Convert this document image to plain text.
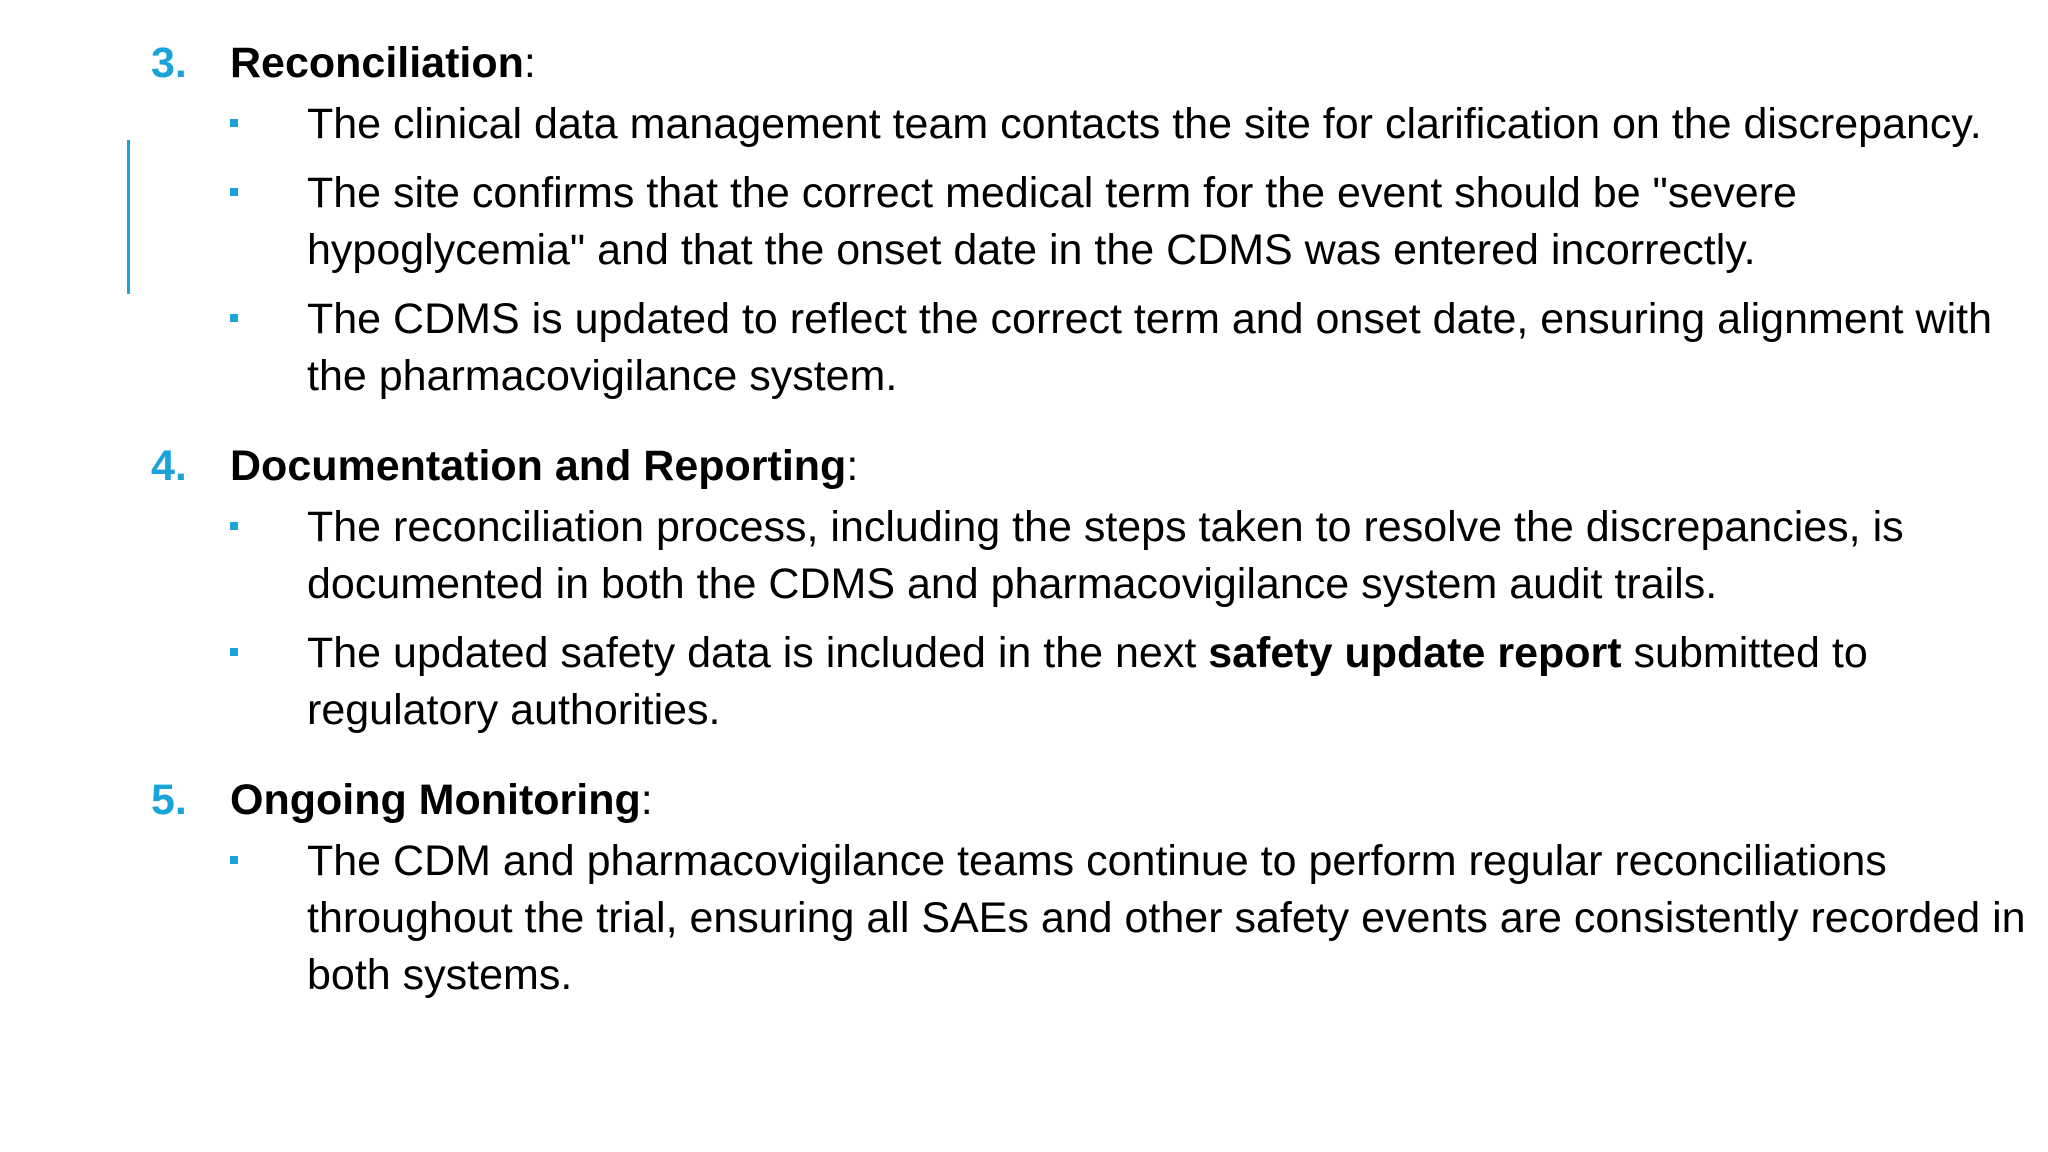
3. Reconciliation:
The clinical data management team contacts the site for clarification on the discrepancy.
The site confirms that the correct medical term for the event should be "severe hypoglycemia" and that the onset date in the CDMS was entered incorrectly.
The CDMS is updated to reflect the correct term and onset date, ensuring alignment with the pharmacovigilance system.
4. Documentation and Reporting:
The reconciliation process, including the steps taken to resolve the discrepancies, is documented in both the CDMS and pharmacovigilance system audit trails.
The updated safety data is included in the next safety update report submitted to regulatory authorities.
5. Ongoing Monitoring:
The CDM and pharmacovigilance teams continue to perform regular reconciliations throughout the trial, ensuring all SAEs and other safety events are consistently recorded in both systems.
